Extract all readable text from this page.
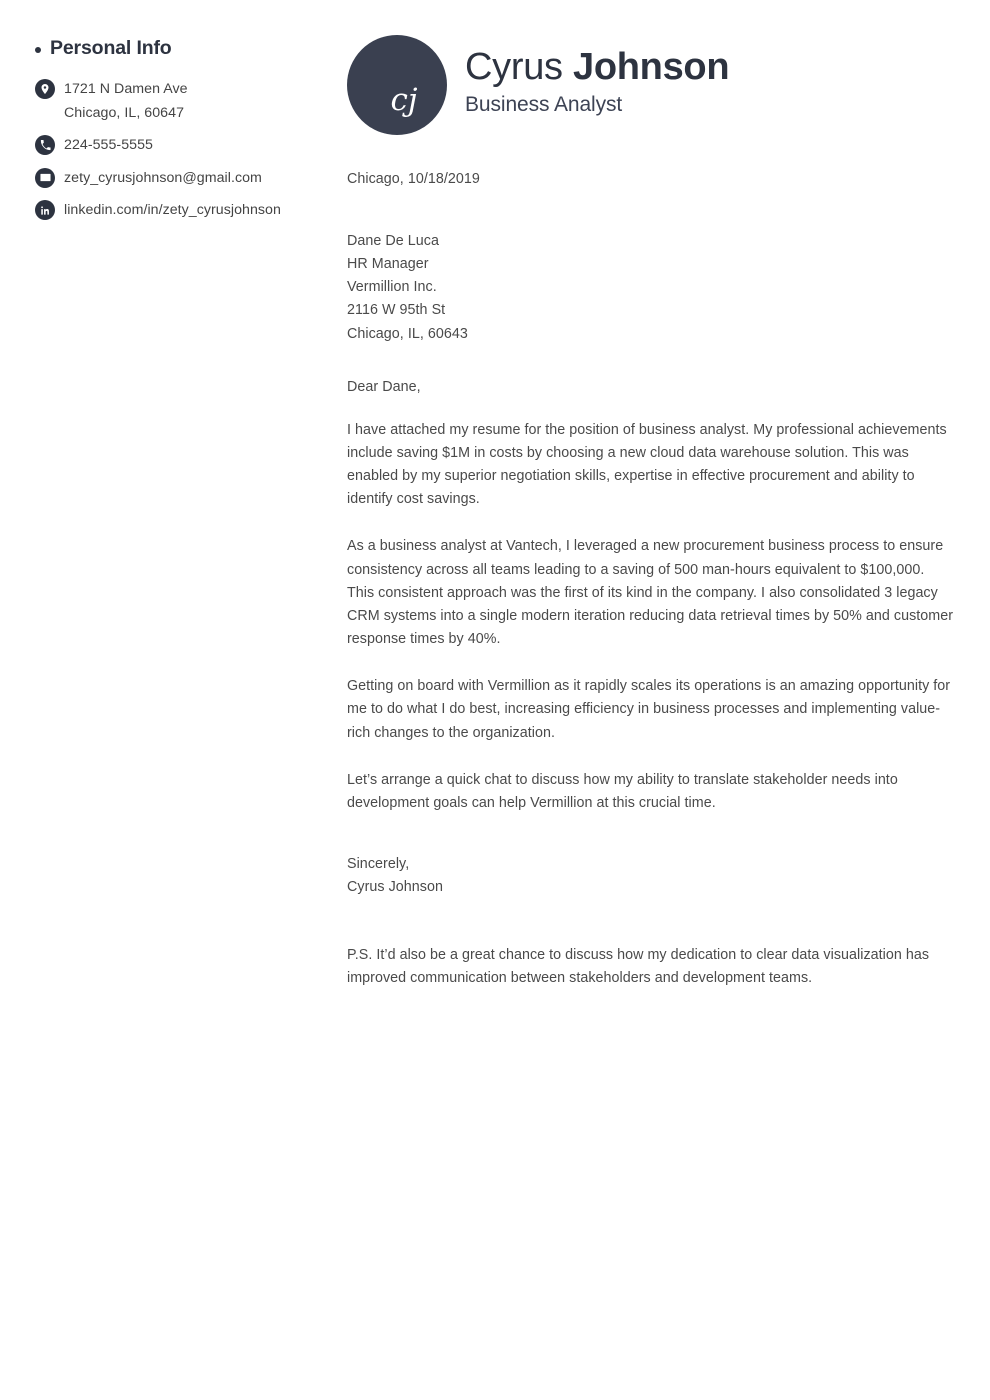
Personal Info
1721 N Damen Ave
Chicago, IL, 60647
224-555-5555
zety_cyrusjohnson@gmail.com
linkedin.com/in/zety_cyrusjohnson
cj
Cyrus Johnson
Business Analyst
Chicago, 10/18/2019
Dane De Luca
HR Manager
Vermillion Inc.
2116 W 95th St
Chicago, IL, 60643
Dear Dane,

I have attached my resume for the position of business analyst. My professional achievements include saving $1M in costs by choosing a new cloud data warehouse solution. This was enabled by my superior negotiation skills, expertise in effective procurement and ability to identify cost savings.

As a business analyst at Vantech, I leveraged a new procurement business process to ensure consistency across all teams leading to a saving of 500 man-hours equivalent to $100,000. This consistent approach was the first of its kind in the company. I also consolidated 3 legacy CRM systems into a single modern iteration reducing data retrieval times by 50% and customer response times by 40%.

Getting on board with Vermillion as it rapidly scales its operations is an amazing opportunity for me to do what I do best, increasing efficiency in business processes and implementing value-rich changes to the organization.

Let’s arrange a quick chat to discuss how my ability to translate stakeholder needs into development goals can help Vermillion at this crucial time.

Sincerely,
Cyrus Johnson

P.S. It’d also be a great chance to discuss how my dedication to clear data visualization has improved communication between stakeholders and development teams.
